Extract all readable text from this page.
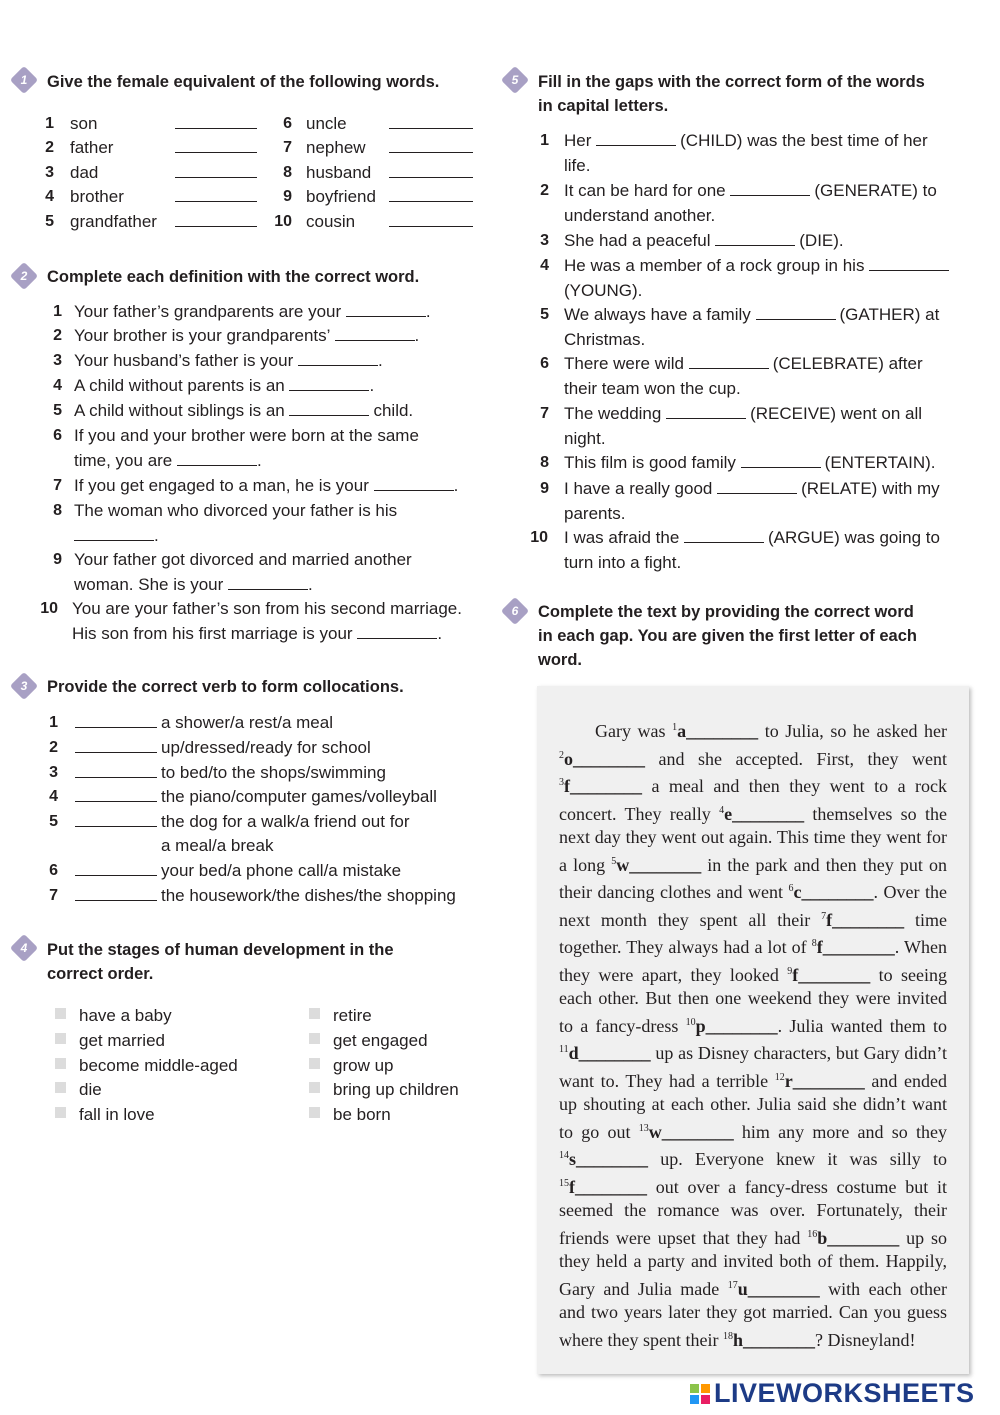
1	Give the female equivalent of the following words.
1 son
2 father
3 dad
4 brother
5 grandfather
6 uncle
7 nephew
8 husband
9 boyfriend
10 cousin
2	Complete each definition with the correct word.
1 Your father’s grandparents are your	.
2 Your brother is your grandparents’	.
3 Your husband’s father is your	.
4 A child without parents is an	.
5 A child without siblings is an	child.
6 If you and your brother were born at the same
time, you are	.
7 If you get engaged to a man, he is your	.
8 The woman who divorced your father is his
.
9 Your father got divorced and married another
woman. She is your	.
10 You are your father’s son from his second marriage.
His son from his first marriage is your	.
3	Provide the correct verb to form collocations.
1	a shower/a rest/a meal
2	up/dressed/ready for school
3	to bed/to the shops/swimming
4	the piano/computer games/volleyball
5	the dog for a walk/a friend out for
a meal/a break
6	your bed/a phone call/a mistake
7	the housework/the dishes/the shopping
4	Put the stages of human development in the
correct order.
have a baby
get married
become middle-aged
die
fall in love
retire
get engaged
grow up
bring up children
be born
5	Fill in the gaps with the correct form of the words
in capital letters.
1 Her	(CHILD) was the best time of her
life.
2 It can be hard for one	(GENERATE) to
understand another.
3 She had a peaceful	(DIE).
4 He was a member of a rock group in his
(YOUNG).
5 We always have a family	(GATHER) at
Christmas.
6 There were wild	(CELEBRATE) after
their team won the cup.
7 The wedding	(RECEIVE) went on all
night.
8 This film is good family	(ENTERTAIN).
9 I have a really good	(RELATE) with my
parents.
10 I was afraid the	(ARGUE) was going to
turn into a fight.
6	Complete the text by providing the correct word
in each gap. You are given the first letter of each
word.
Gary was $^1$a________ to Julia, so he asked her $^2$o________ and she accepted. First, they went $^3$f________ a meal and then they went to a rock concert. They really $^4$e________ themselves so the next day they went out again. This time they went for a long $^5$w________ in the park and then they put on their dancing clothes and went $^6$c________. Over the next month they spent all their $^7$f________ time together. They always had a lot of $^8$f________. When they were apart, they looked $^9$f________ to seeing each other. But then one weekend they were invited to a fancy-dress $^{10}$p________. Julia wanted them to $^{11}$d________ up as Disney characters, but Gary didn’t want to. They had a terrible $^{12}$r________ and ended up shouting at each other. Julia said she didn’t want to go out $^{13}$w________ him any more and so they $^{14}$s________ up. Everyone knew it was silly to $^{15}$f________ out over a fancy-dress costume but it seemed the romance was over. Fortunately, their friends were upset that they had $^{16}$b________ up so they held a party and invited both of them. Happily, Gary and Julia made $^{17}$u________ with each other and two years later they got married. Can you guess where they spent their $^{18}$h________? Disneyland!
LIVEWORKSHEETS
